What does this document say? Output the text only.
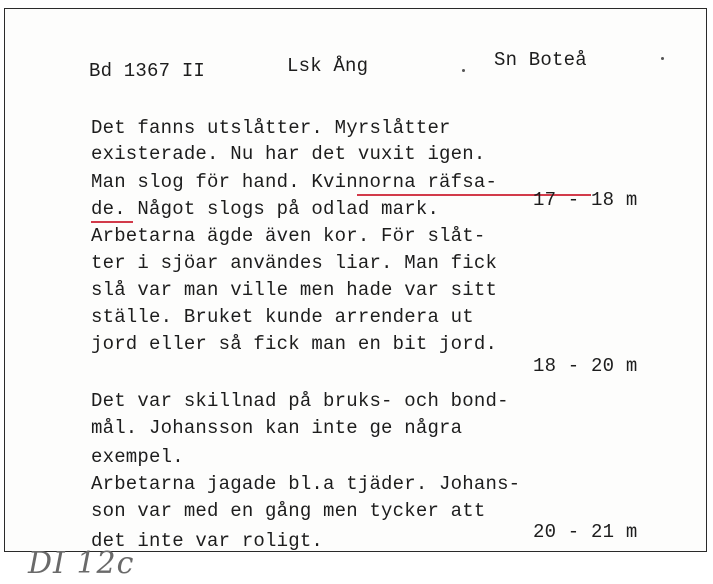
Bd 1367 II	Lsk Ång	Sn Boteå
Det fanns utslåtter. Myrslåtter
existerade. Nu har det vuxit igen.
Man slog för hand. Kvinnorna räfsa-
de. Något slogs på odlad mark.	17 - 18 m
Arbetarna ägde även kor. För slåt-
ter i sjöar användes liar. Man fick
slå var man ville men hade var sitt
ställe. Bruket kunde arrendera ut
jord eller så fick man en bit jord.
18 - 20 m
Det var skillnad på bruks- och bond-
mål. Johansson kan inte ge några
exempel.
Arbetarna jagade bl.a tjäder. Johans-
son var med en gång men tycker att
det inte var roligt.	20 - 21 m
DI 12c
